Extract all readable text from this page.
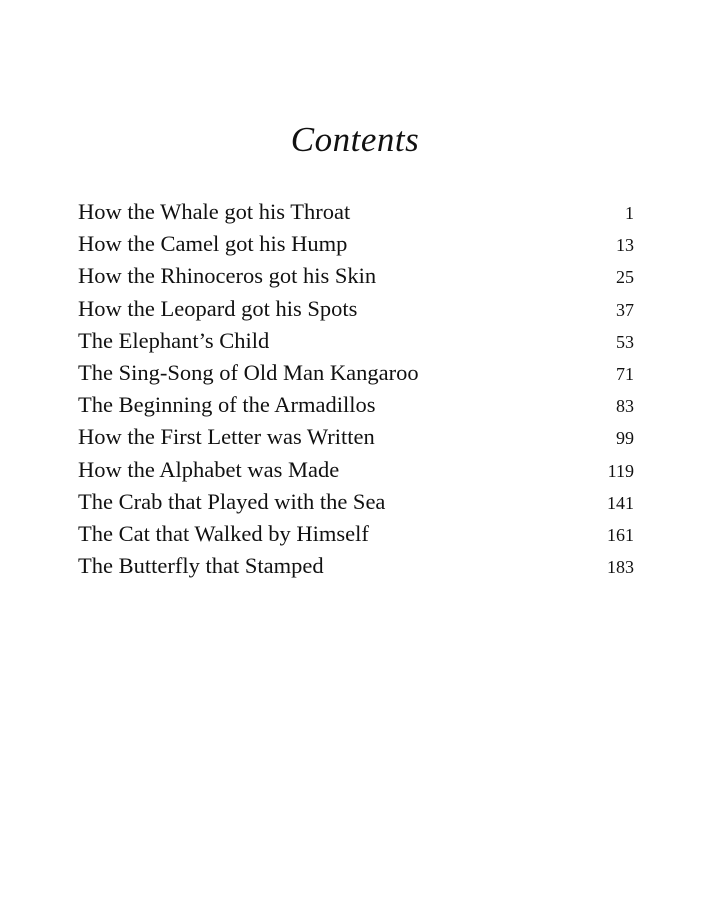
Contents
How the Whale got his Throat	1
How the Camel got his Hump	13
How the Rhinoceros got his Skin	25
How the Leopard got his Spots	37
The Elephant’s Child	53
The Sing-Song of Old Man Kangaroo	71
The Beginning of the Armadillos	83
How the First Letter was Written	99
How the Alphabet was Made	119
The Crab that Played with the Sea	141
The Cat that Walked by Himself	161
The Butterfly that Stamped	183
